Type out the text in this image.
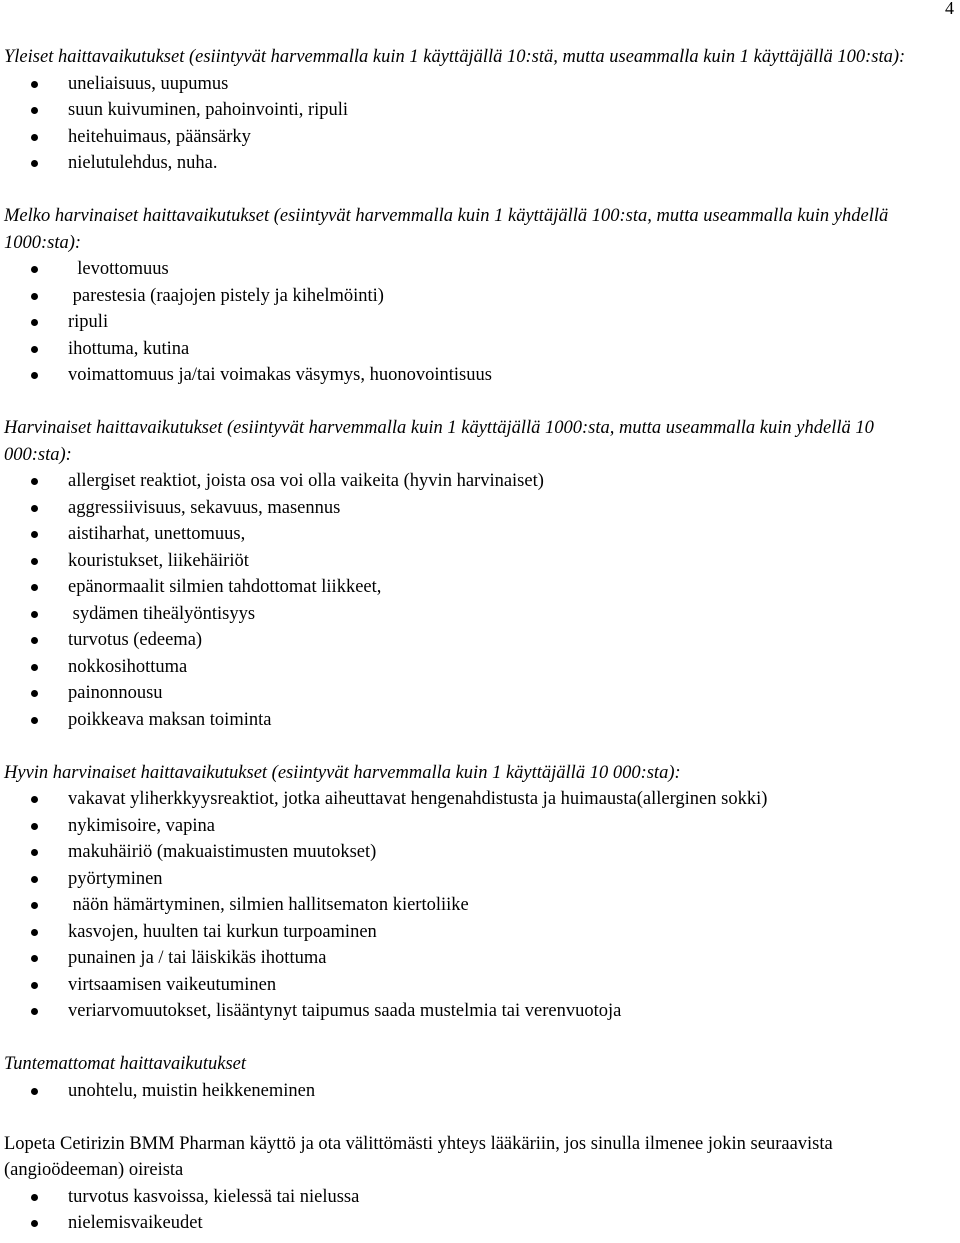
4

Yleiset haittavaikutukset (esiintyvät harvemmalla kuin 1 käyttäjällä 10:stä, mutta useammalla kuin 1 käyttäjällä 100:sta):

uneliaisuus, uupumus
suun kuivuminen, pahoinvointi, ripuli
heitehuimaus, päänsärky
nielutulehdus, nuha.

Melko harvinaiset haittavaikutukset (esiintyvät harvemmalla kuin 1 käyttäjällä 100:sta, mutta useammalla kuin yhdellä 1000:sta):

levottomuus
parestesia (raajojen pistely ja kihelmöinti)
ripuli
ihottuma, kutina
voimattomuus ja/tai voimakas väsymys, huonovointisuus

Harvinaiset haittavaikutukset (esiintyvät harvemmalla kuin 1 käyttäjällä 1000:sta, mutta useammalla kuin yhdellä 10 000:sta):

allergiset reaktiot, joista osa voi olla vaikeita (hyvin harvinaiset)
aggressiivisuus, sekavuus, masennus
aistiharhat, unettomuus,
kouristukset, liikehäiriöt
epänormaalit silmien tahdottomat liikkeet,
sydämen tiheälyöntisyys
turvotus (edeema)
nokkosihottuma
painonnousu
poikkeava maksan toiminta

Hyvin harvinaiset haittavaikutukset (esiintyvät harvemmalla kuin 1 käyttäjällä 10 000:sta):

vakavat yliherkkyysreaktiot, jotka aiheuttavat hengenahdistusta ja huimausta(allerginen sokki)
nykimisoire, vapina
makuhäiriö (makuaistimusten muutokset)
pyörtyminen
näön hämärtyminen, silmien hallitsematon kiertoliike
kasvojen, huulten tai kurkun turpoaminen
punainen ja / tai läiskikäs ihottuma
virtsaamisen vaikeutuminen
veriarvomuutokset, lisääntynyt taipumus saada mustelmia tai verenvuotoja

Tuntemattomat haittavaikutukset

unohtelu, muistin heikkeneminen

Lopeta Cetirizin BMM Pharman käyttö ja ota välittömästi yhteys lääkäriin, jos sinulla ilmenee jokin seuraavista (angioödeeman) oireista

turvotus kasvoissa, kielessä tai nielussa
nielemisvaikeudet
